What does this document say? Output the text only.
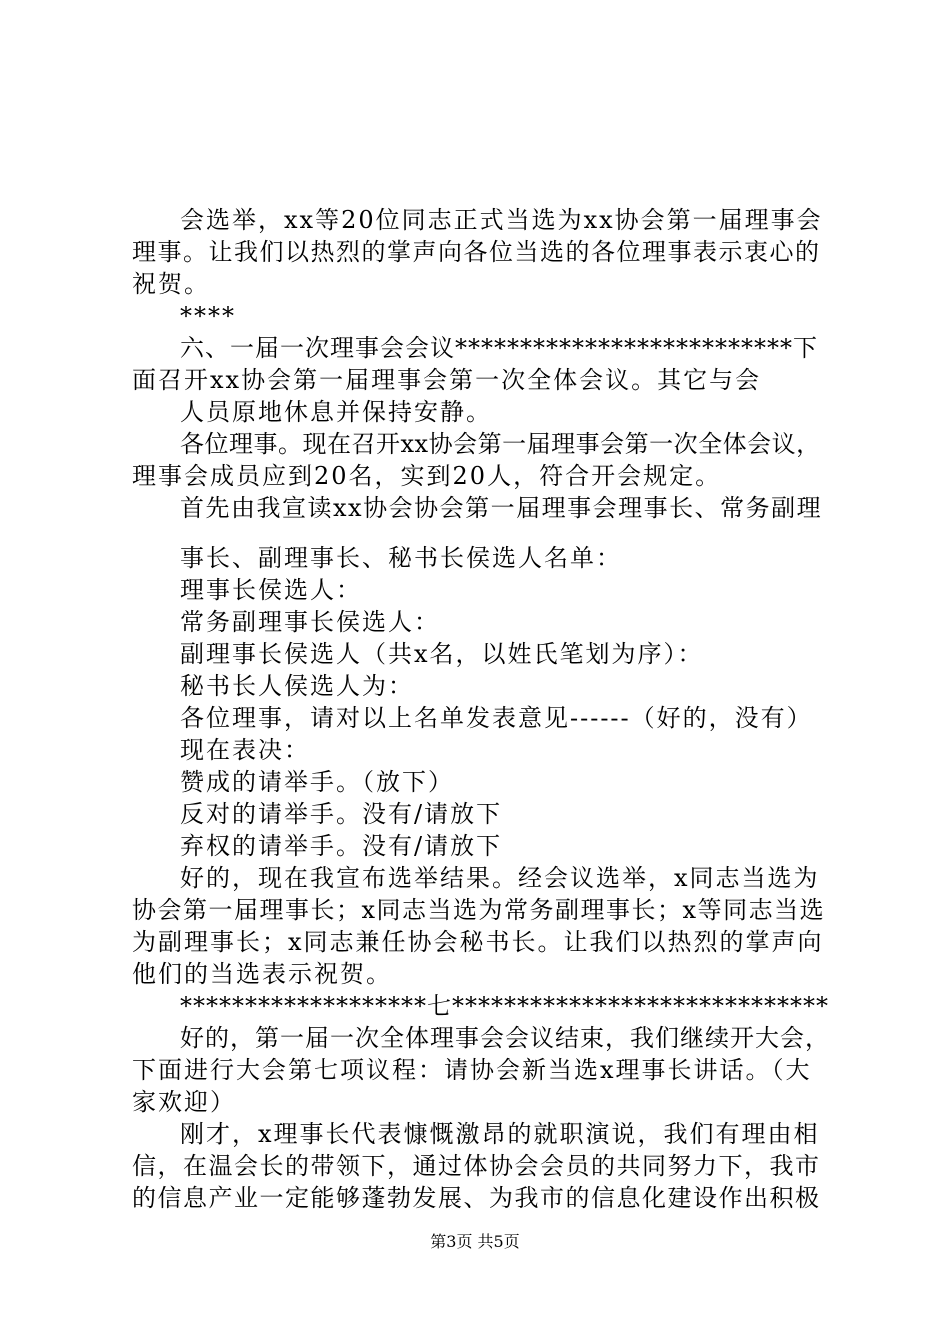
会选举，xx等20位同志正式当选为xx协会第一届理事会
理事。让我们以热烈的掌声向各位当选的各位理事表示衷心的
祝贺。
****
六、一届一次理事会会议**************************下
面召开xx协会第一届理事会第一次全体会议。其它与会
人员原地休息并保持安静。
各位理事。现在召开xx协会第一届理事会第一次全体会议，
理事会成员应到20名，实到20人，符合开会规定。
首先由我宣读xx协会协会第一届理事会理事长、常务副理
事长、副理事长、秘书长侯选人名单：
理事长侯选人：
常务副理事长侯选人：
副理事长侯选人（共x名，以姓氏笔划为序）：
秘书长人侯选人为：
各位理事，请对以上名单发表意见------（好的，没有）
现在表决：
赞成的请举手。（放下）
反对的请举手。没有/请放下
弃权的请举手。没有/请放下
好的，现在我宣布选举结果。经会议选举，x同志当选为
协会第一届理事长；x同志当选为常务副理事长；x等同志当选
为副理事长；x同志兼任协会秘书长。让我们以热烈的掌声向
他们的当选表示祝贺。
*******************七*****************************
好的，第一届一次全体理事会会议结束，我们继续开大会，
下面进行大会第七项议程：请协会新当选x理事长讲话。（大
家欢迎）
刚才，x理事长代表慷慨激昂的就职演说，我们有理由相
信，在温会长的带领下，通过体协会会员的共同努力下，我市
的信息产业一定能够蓬勃发展、为我市的信息化建设作出积极
第3页 共5页
